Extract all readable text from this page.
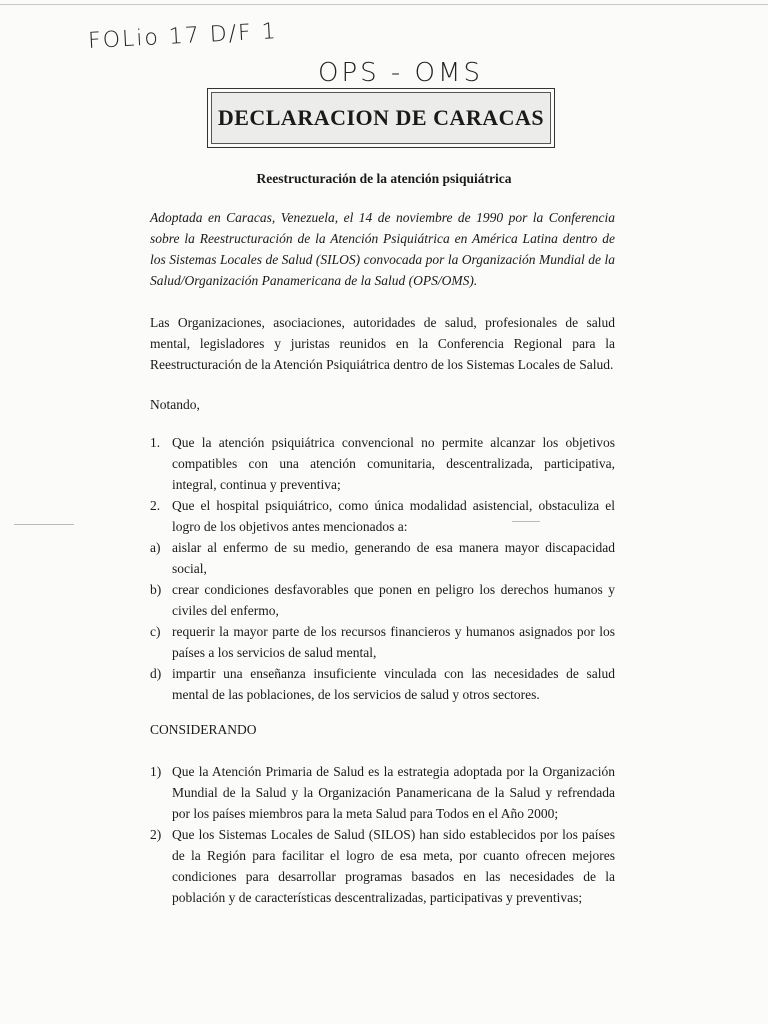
FOLio 17 D/F 1
OPS - OMS
DECLARACION DE CARACAS
Reestructuración de la atención psiquiátrica
Adoptada en Caracas, Venezuela, el 14 de noviembre de 1990 por la Conferencia sobre la Reestructuración de la Atención Psiquiátrica en América Latina dentro de los Sistemas Locales de Salud (SILOS) convocada por la Organización Mundial de la Salud/Organización Panamericana de la Salud (OPS/OMS).
Las Organizaciones, asociaciones, autoridades de salud, profesionales de salud mental, legisladores y juristas reunidos en la Conferencia Regional para la Reestructuración de la Atención Psiquiátrica dentro de los Sistemas Locales de Salud.
Notando,
1. Que la atención psiquiátrica convencional no permite alcanzar los objetivos compatibles con una atención comunitaria, descentralizada, participativa, integral, continua y preventiva;
2. Que el hospital psiquiátrico, como única modalidad asistencial, obstaculiza el logro de los objetivos antes mencionados a:
a) aislar al enfermo de su medio, generando de esa manera mayor discapacidad social,
b) crear condiciones desfavorables que ponen en peligro los derechos humanos y civiles del enfermo,
c) requerir la mayor parte de los recursos financieros y humanos asignados por los países a los servicios de salud mental,
d) impartir una enseñanza insuficiente vinculada con las necesidades de salud mental de las poblaciones, de los servicios de salud y otros sectores.
CONSIDERANDO
1) Que la Atención Primaria de Salud es la estrategia adoptada por la Organización Mundial de la Salud y la Organización Panamericana de la Salud y refrendada por los países miembros para la meta Salud para Todos en el Año 2000;
2) Que los Sistemas Locales de Salud (SILOS) han sido establecidos por los países de la Región para facilitar el logro de esa meta, por cuanto ofrecen mejores condiciones para desarrollar programas basados en las necesidades de la población y de características descentralizadas, participativas y preventivas;
